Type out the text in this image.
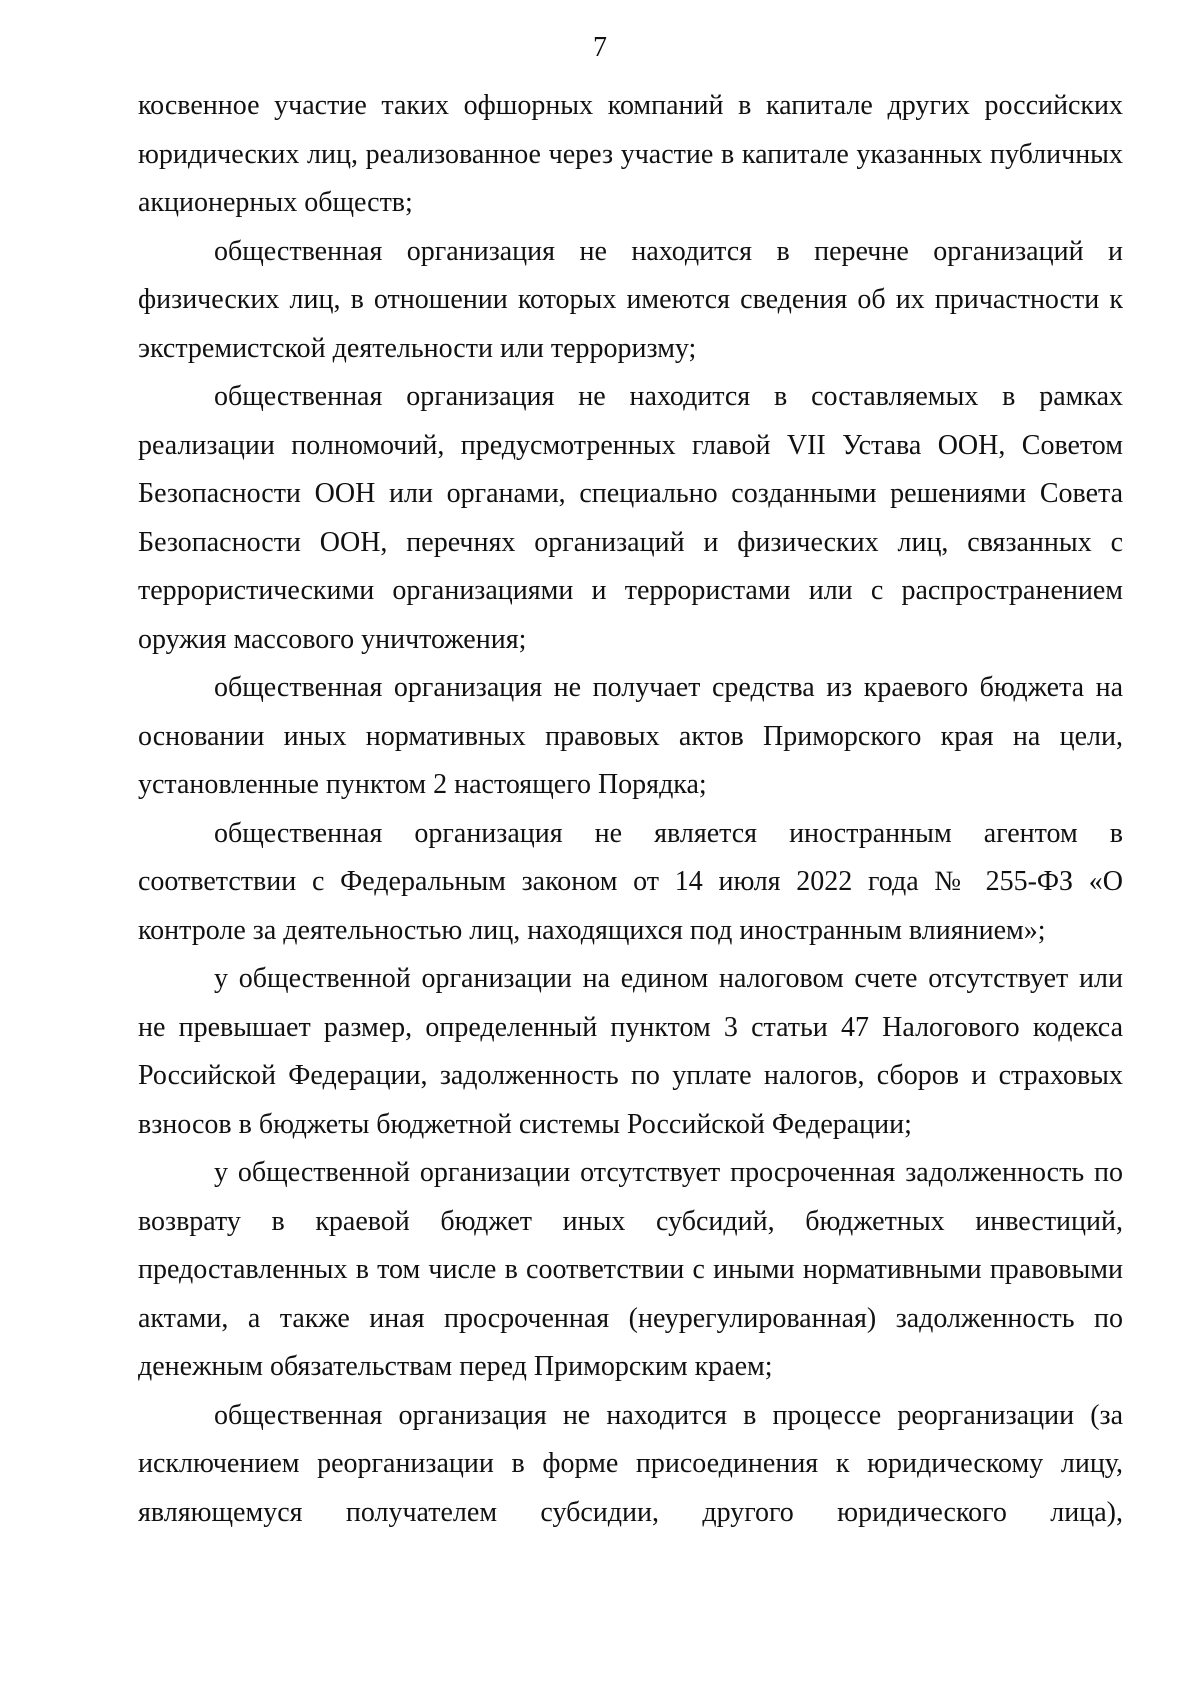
7

косвенное участие таких офшорных компаний в капитале других российских юридических лиц, реализованное через участие в капитале указанных публичных акционерных обществ;

общественная организация не находится в перечне организаций и физических лиц, в отношении которых имеются сведения об их причастности к экстремистской деятельности или терроризму;

общественная организация не находится в составляемых в рамках реализации полномочий, предусмотренных главой VII Устава ООН, Советом Безопасности ООН или органами, специально созданными решениями Совета Безопасности ООН, перечнях организаций и физических лиц, связанных с террористическими организациями и террористами или с распространением оружия массового уничтожения;

общественная организация не получает средства из краевого бюджета на основании иных нормативных правовых актов Приморского края на цели, установленные пунктом 2 настоящего Порядка;

общественная организация не является иностранным агентом в соответствии с Федеральным законом от 14 июля 2022 года № 255-ФЗ «О контроле за деятельностью лиц, находящихся под иностранным влиянием»;

у общественной организации на едином налоговом счете отсутствует или не превышает размер, определенный пунктом 3 статьи 47 Налогового кодекса Российской Федерации, задолженность по уплате налогов, сборов и страховых взносов в бюджеты бюджетной системы Российской Федерации;

у общественной организации отсутствует просроченная задолженность по возврату в краевой бюджет иных субсидий, бюджетных инвестиций, предоставленных в том числе в соответствии с иными нормативными правовыми актами, а также иная просроченная (неурегулированная) задолженность по денежным обязательствам перед Приморским краем;

общественная организация не находится в процессе реорганизации (за исключением реорганизации в форме присоединения к юридическому лицу, являющемуся получателем субсидии, другого юридического лица),
